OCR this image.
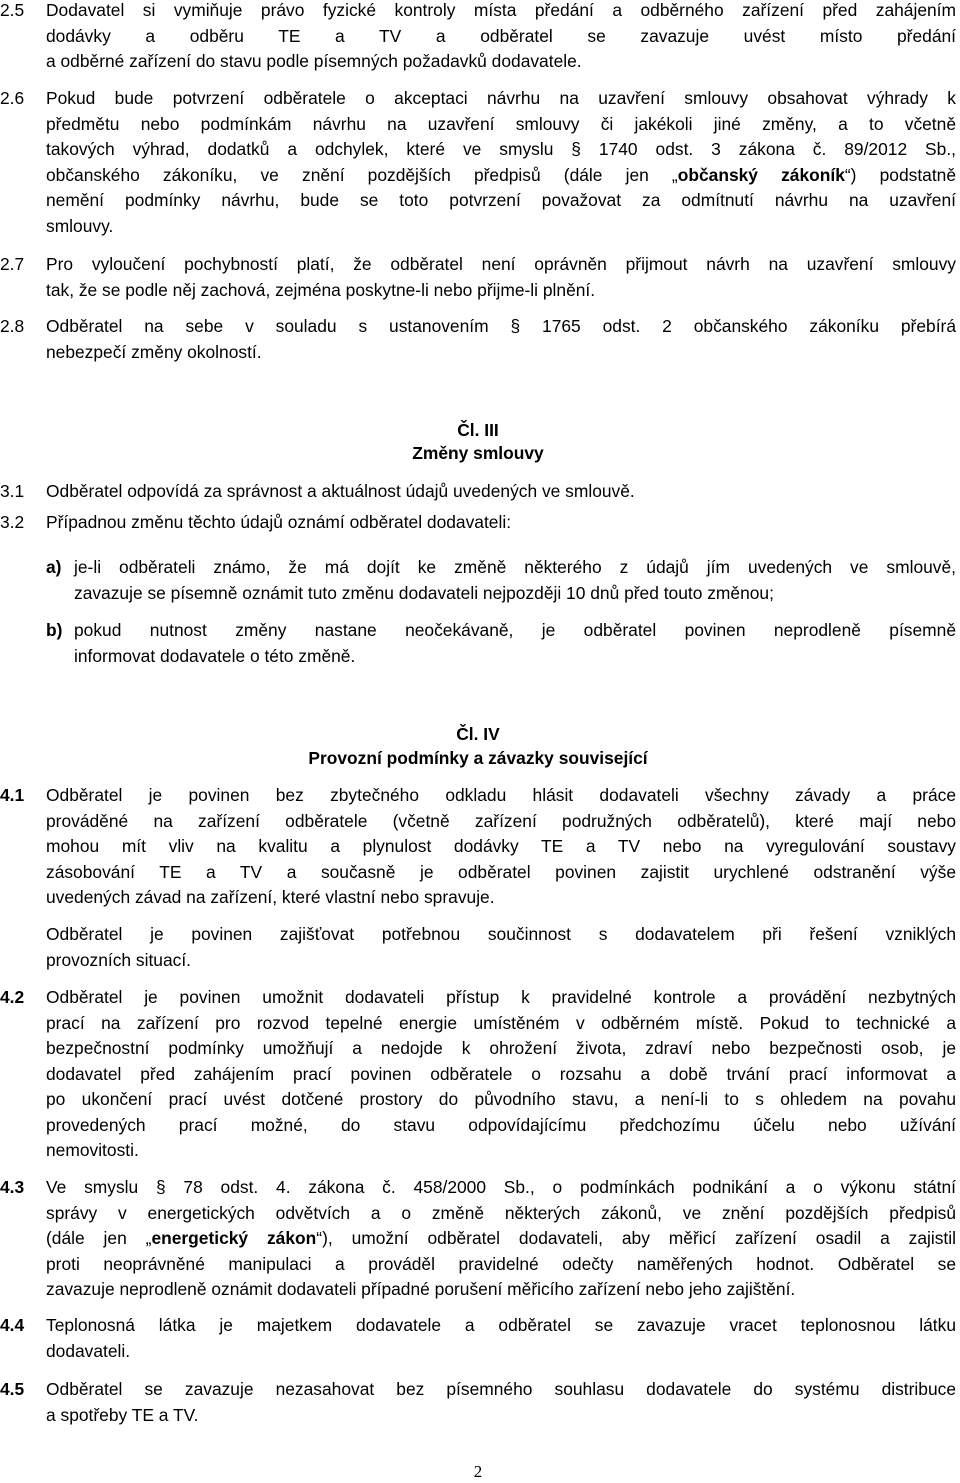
2.5	Dodavatel si vymiňuje právo fyzické kontroly místa předání a odběrného zařízení před zahájením
dodávky a odběru TE a TV a odběratel se zavazuje uvést místo předání
a odběrné zařízení do stavu podle písemných požadavků dodavatele.
2.6	Pokud bude potvrzení odběratele o akceptaci návrhu na uzavření smlouvy obsahovat výhrady k
předmětu nebo podmínkám návrhu na uzavření smlouvy či jakékoli jiné změny, a to včetně
takových výhrad, dodatků a odchylek, které ve smyslu § 1740 odst. 3 zákona č. 89/2012 Sb.,
občanského zákoníku, ve znění pozdějších předpisů (dále jen „občanský zákoník“) podstatně
nemění podmínky návrhu, bude se toto potvrzení považovat za odmítnutí návrhu na uzavření
smlouvy.
2.7	Pro vyloučení pochybností platí, že odběratel není oprávněn přijmout návrh na uzavření smlouvy
tak, že se podle něj zachová, zejména poskytne-li nebo přijme-li plnění.
2.8	Odběratel na sebe v souladu s ustanovením § 1765 odst. 2 občanského zákoníku přebírá
nebezpečí změny okolností.
Čl. III
Změny smlouvy
3.1	Odběratel odpovídá za správnost a aktuálnost údajů uvedených ve smlouvě.
3.2	Případnou změnu těchto údajů oznámí odběratel dodavateli:
a) je-li odběrateli známo, že má dojít ke změně některého z údajů jím uvedených ve smlouvě,
zavazuje se písemně oznámit tuto změnu dodavateli nejpozději 10 dnů před touto změnou;
b) pokud nutnost změny nastane neočekávaně, je odběratel povinen neprodleně písemně
informovat dodavatele o této změně.
Čl. IV
Provozní podmínky a závazky související
4.1	Odběratel je povinen bez zbytečného odkladu hlásit dodavateli všechny závady a práce
prováděné na zařízení odběratele (včetně zařízení podružných odběratelů), které mají nebo
mohou mít vliv na kvalitu a plynulost dodávky TE a TV nebo na vyregulování soustavy
zásobování TE a TV a současně je odběratel povinen zajistit urychlené odstranění výše
uvedených závad na zařízení, které vlastní nebo spravuje.
Odběratel je povinen zajišťovat potřebnou součinnost s dodavatelem při řešení vzniklých
provozních situací.
4.2	Odběratel je povinen umožnit dodavateli přístup k pravidelné kontrole a provádění nezbytných
prací na zařízení pro rozvod tepelné energie umístěném v odběrném místě. Pokud to technické a
bezpečnostní podmínky umožňují a nedojde k ohrožení života, zdraví nebo bezpečnosti osob, je
dodavatel před zahájením prací povinen odběratele o rozsahu a době trvání prací informovat a
po ukončení prací uvést dotčené prostory do původního stavu, a není-li to s ohledem na povahu
provedených prací možné, do stavu odpovídajícímu předchozímu účelu nebo užívání
nemovitosti.
4.3	Ve smyslu § 78 odst. 4. zákona č. 458/2000 Sb., o podmínkách podnikání a o výkonu státní
správy v energetických odvětvích a o změně některých zákonů, ve znění pozdějších předpisů
(dále jen „energetický zákon“), umožní odběratel dodavateli, aby měřicí zařízení osadil a zajistil
proti neoprávněné manipulaci a prováděl pravidelné odečty naměřených hodnot. Odběratel se
zavazuje neprodleně oznámit dodavateli případné porušení měřicího zařízení nebo jeho zajištění.
4.4	Teplonosná látka je majetkem dodavatele a odběratel se zavazuje vracet teplonosnou látku
dodavateli.
4.5	Odběratel se zavazuje nezasahovat bez písemného souhlasu dodavatele do systému distribuce
a spotřeby TE a TV.
2
